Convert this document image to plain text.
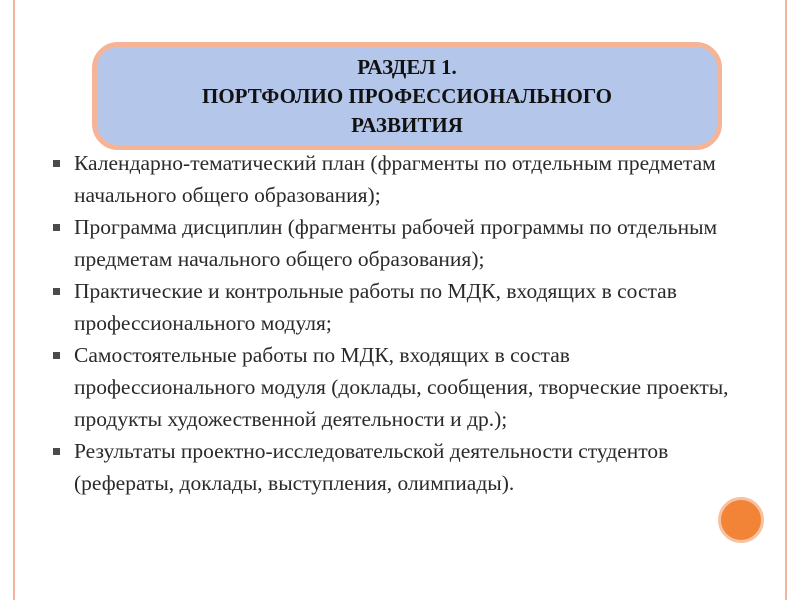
РАЗДЕЛ 1.
ПОРТФОЛИО ПРОФЕССИОНАЛЬНОГО
РАЗВИТИЯ
Календарно-тематический план (фрагменты по отдельным предметам начального общего образования);
Программа дисциплин (фрагменты рабочей программы по отдельным предметам начального общего образования);
Практические и контрольные работы по МДК, входящих в состав профессионального модуля;
Самостоятельные работы по МДК, входящих в состав профессионального модуля (доклады, сообщения, творческие проекты, продукты художественной деятельности и др.);
Результаты проектно-исследовательской деятельности студентов (рефераты, доклады, выступления, олимпиады).
